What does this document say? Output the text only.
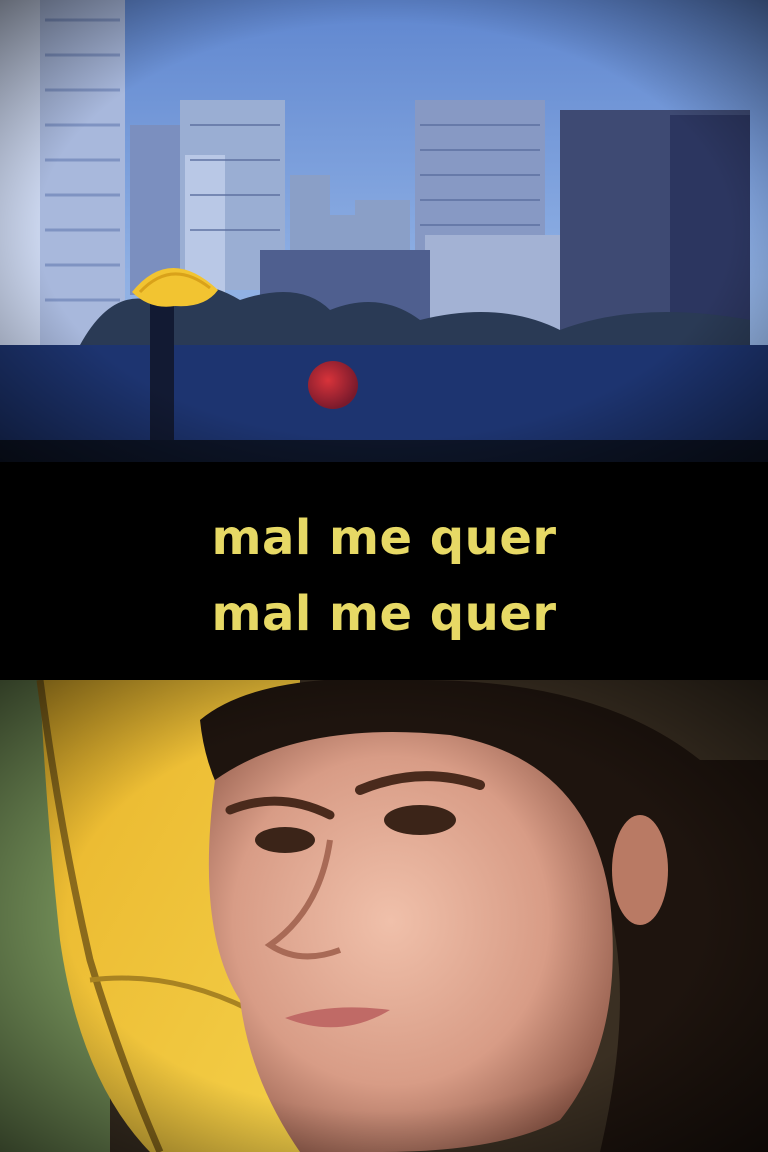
mal me quer
mal me quer
